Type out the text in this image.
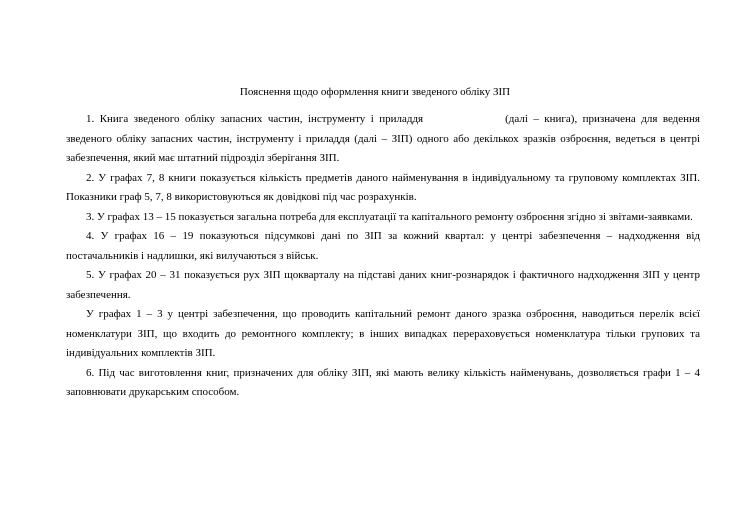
Пояснення щодо оформлення книги зведеного обліку ЗІП

1. Книга зведеного обліку запасних частин, інструменту і приладдя	(далі – книга), призначена для ведення зведеного обліку запасних частин, інструменту і приладдя (далі – ЗІП) одного або декількох зразків озброєння, ведеться в центрі забезпечення, який має штатний підрозділ зберігання ЗІП.

2. У графах 7, 8 книги показується кількість предметів даного найменування в індивідуальному та груповому комплектах ЗІП. Показники граф 5, 7, 8 використовуються як довідкові під час розрахунків.

3. У графах 13 – 15 показується загальна потреба для експлуатації та капітального ремонту озброєння згідно зі звітами-заявками.

4. У графах 16 – 19 показуються підсумкові дані по ЗІП за кожний квартал: у центрі забезпечення – надходження від постачальників і надлишки, які вилучаються з військ.

5. У графах 20 – 31 показується рух ЗІП щокварталу на підставі даних книг-рознарядок і фактичного надходження ЗІП у центр забезпечення.

У графах 1 – 3 у центрі забезпечення, що проводить капітальний ремонт даного зразка озброєння, наводиться перелік всієї номенклатури ЗІП, що входить до ремонтного комплекту; в інших випадках перераховується номенклатура тільки групових та індивідуальних комплектів ЗІП.

6. Під час виготовлення книг, призначених для обліку ЗІП, які мають велику кількість найменувань, дозволяється графи 1 – 4 заповнювати друкарським способом.
